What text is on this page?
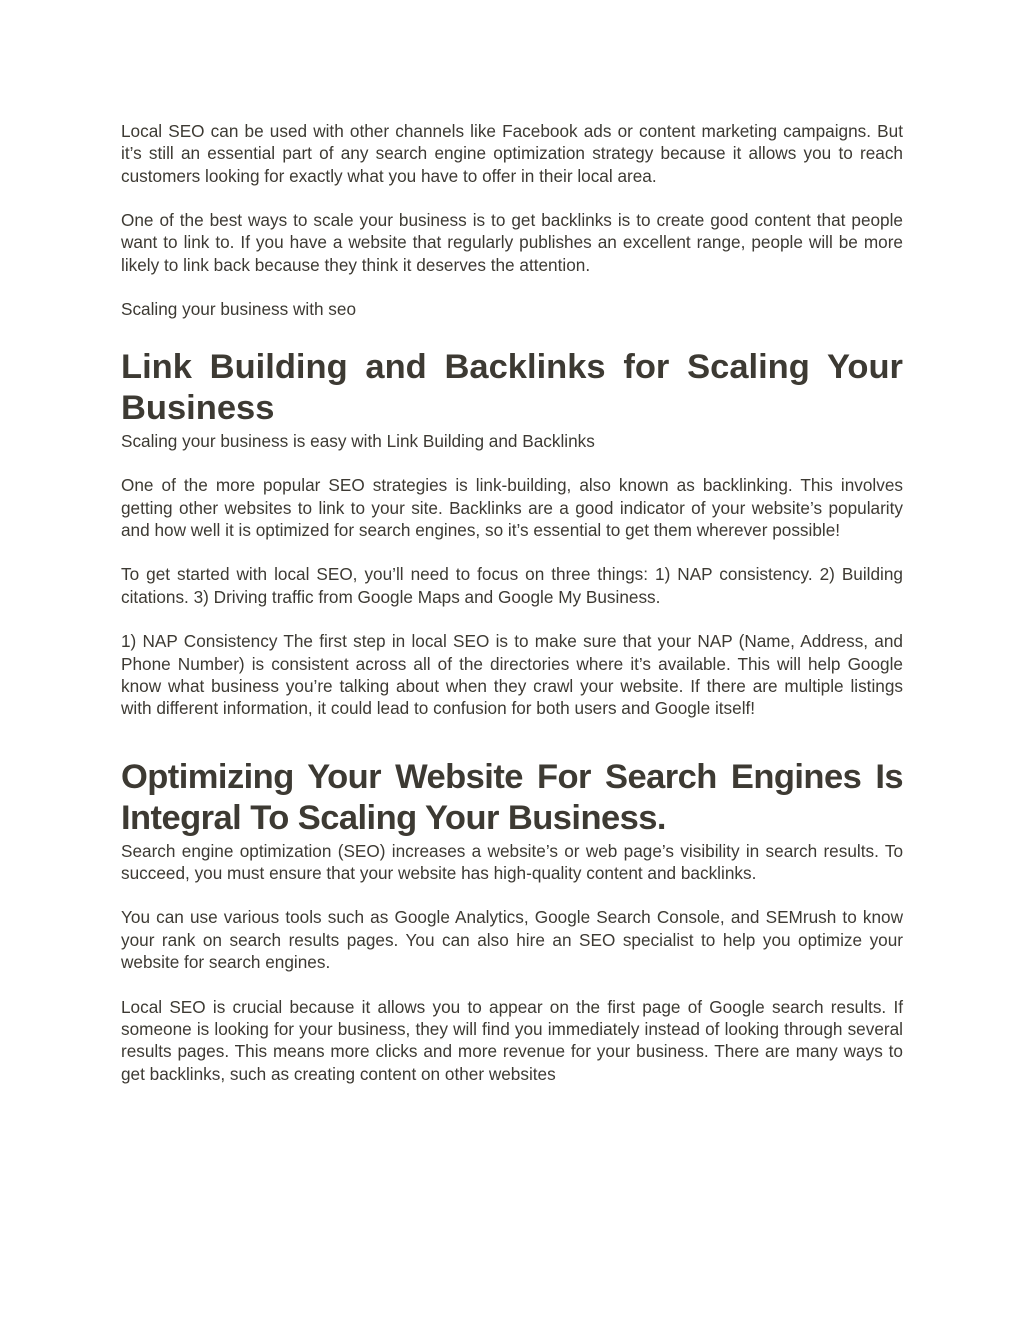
Local SEO can be used with other channels like Facebook ads or content marketing campaigns. But it’s still an essential part of any search engine optimization strategy because it allows you to reach customers looking for exactly what you have to offer in their local area.

One of the best ways to scale your business is to get backlinks is to create good content that people want to link to. If you have a website that regularly publishes an excellent range, people will be more likely to link back because they think it deserves the attention.

Scaling your business with seo

Link Building and Backlinks for Scaling Your Business

Scaling your business is easy with Link Building and Backlinks

One of the more popular SEO strategies is link-building, also known as backlinking. This involves getting other websites to link to your site. Backlinks are a good indicator of your website’s popularity and how well it is optimized for search engines, so it’s essential to get them wherever possible!

To get started with local SEO, you’ll need to focus on three things: 1) NAP consistency. 2) Building citations. 3) Driving traffic from Google Maps and Google My Business.

1) NAP Consistency The first step in local SEO is to make sure that your NAP (Name, Address, and Phone Number) is consistent across all of the directories where it’s available. This will help Google know what business you’re talking about when they crawl your website. If there are multiple listings with different information, it could lead to confusion for both users and Google itself!

Optimizing Your Website For Search Engines Is Integral To Scaling Your Business.

Search engine optimization (SEO) increases a website’s or web page’s visibility in search results. To succeed, you must ensure that your website has high-quality content and backlinks.

You can use various tools such as Google Analytics, Google Search Console, and SEMrush to know your rank on search results pages. You can also hire an SEO specialist to help you optimize your website for search engines.

Local SEO is crucial because it allows you to appear on the first page of Google search results. If someone is looking for your business, they will find you immediately instead of looking through several results pages. This means more clicks and more revenue for your business. There are many ways to get backlinks, such as creating content on other websites
